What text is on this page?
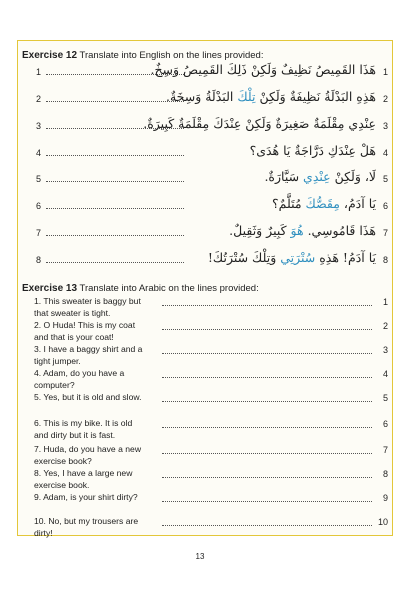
Exercise 12 Translate into English on the lines provided:
1	هَذَا القَمِيصُ نَظِيفٌ وَلَكِنْ ذَلِكَ القَمِيصُ وَسِخٌ. 1
2	هَذِهِ البَدْلَةُ نَظِيفَةٌ وَلَكِنْ تِلْكَ البَدْلَةُ وَسِخَةٌ.	2
3	عِنْدِي مِقْلَمَةٌ صَغِيرَةٌ وَلَكِنْ عِنْدَكَ مِقْلَمَةٌ كَبِيرَةٌ. 3
4	هَلْ عِنْدَكِ دَرَّاجَةٌ يَا هُدَى؟ 4
5	لَا، وَلَكِنْ عِنْدِي سَيَّارَةٌ.	5
6	يَا آدَمُ، مِقَصُّكَ مُتَلَّمٌ؟	6
7	هَذَا قَامُوسِي. هُوَ كَبِيرٌ وَثَقِيلٌ.	7
8	يَا آدَمُ! هَذِهِ سُتْرَتِي وَتِلْكَ سُتْرَتُكَ!	8
Exercise 13 Translate into Arabic on the lines provided:
1. This sweater is baggy but that sweater is tight.
1
2. O Huda! This is my coat and that is your coat!
2
3. I have a baggy shirt and a tight jumper.
3
4. Adam, do you have a computer?
4
5. Yes, but it is old and slow.	5
6. This is my bike. It is old and dirty but it is fast.
6
7. Huda, do you have a new exercise book?
7
8. Yes, I have a large new exercise book.
8
9. Adam, is your shirt dirty?	9
10. No, but my trousers are dirty!
10
13
